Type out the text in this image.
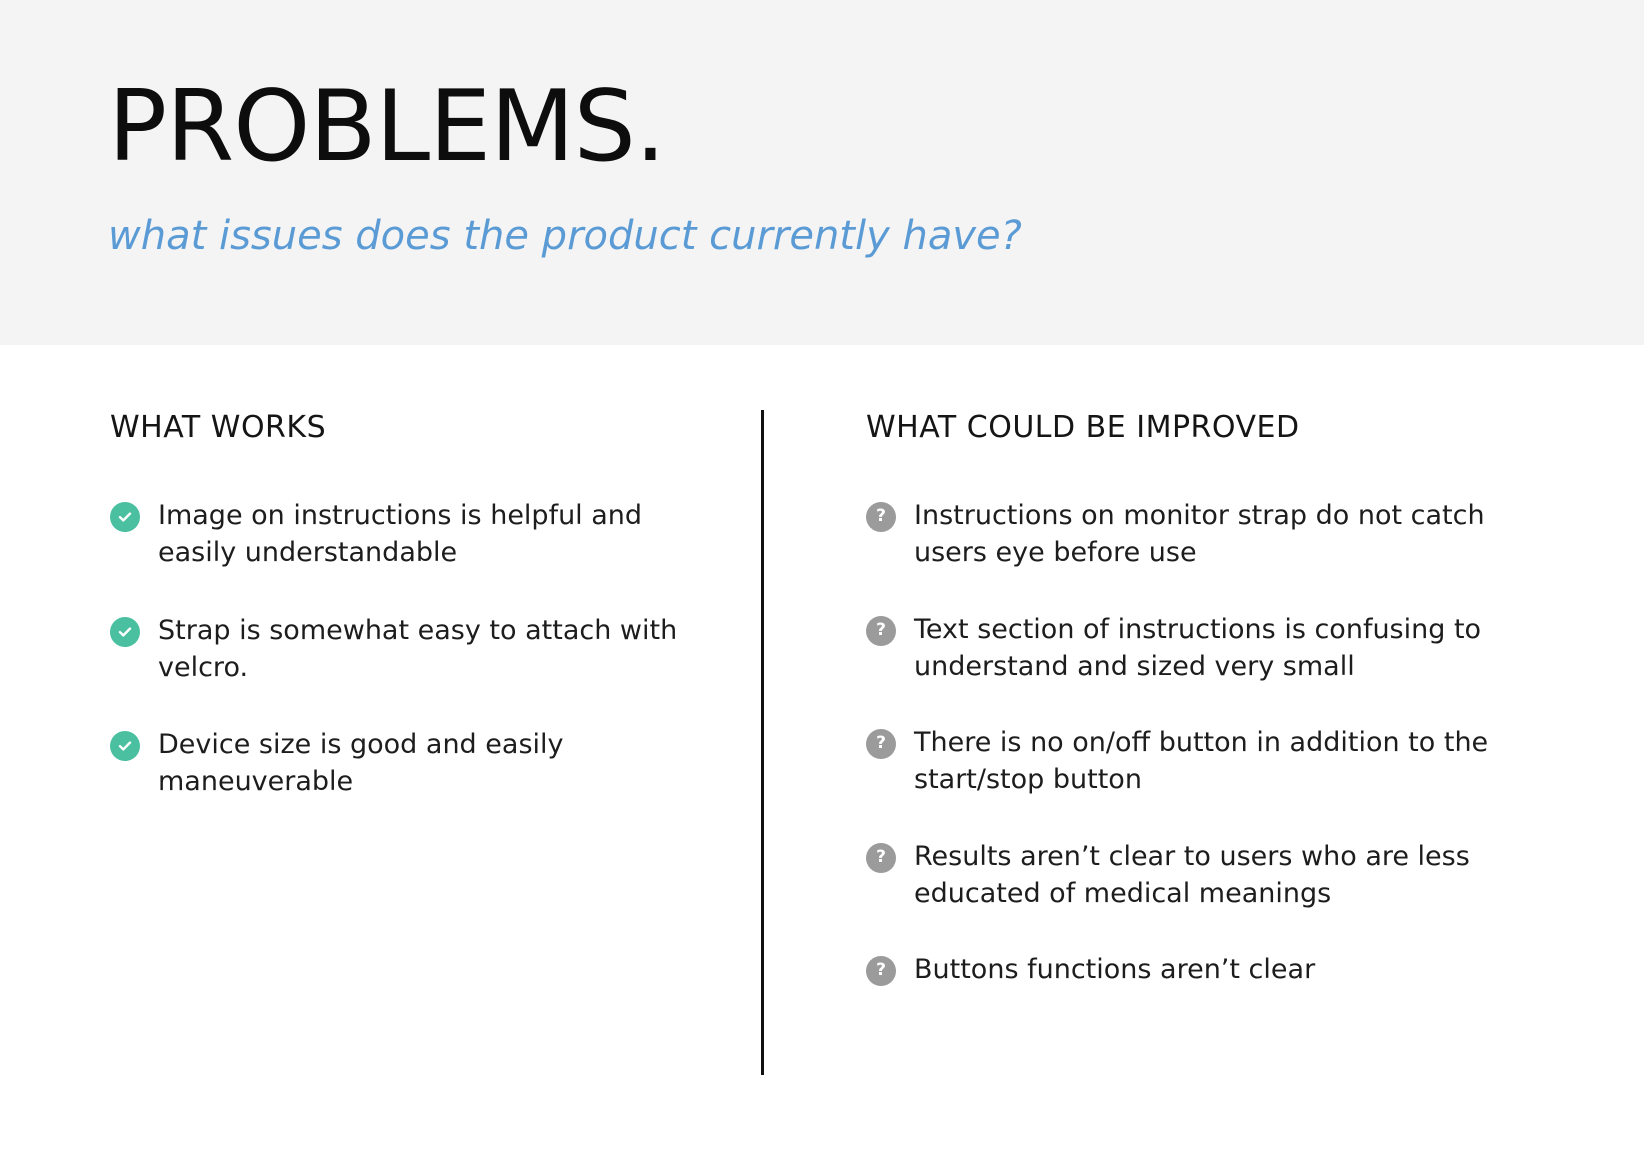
PROBLEMS.
what issues does the product currently have?
WHAT WORKS
Image on instructions is helpful and easily understandable
Strap is somewhat easy to attach with velcro.
Device size is good and easily maneuverable
WHAT COULD BE IMPROVED
?	Instructions on monitor strap do not catch users eye before use
?	Text section of instructions is confusing to understand and sized very small
?	There is no on/off button in addition to the start/stop button
?	Results aren’t clear to users who are less educated of medical meanings
?	Buttons functions aren’t clear
